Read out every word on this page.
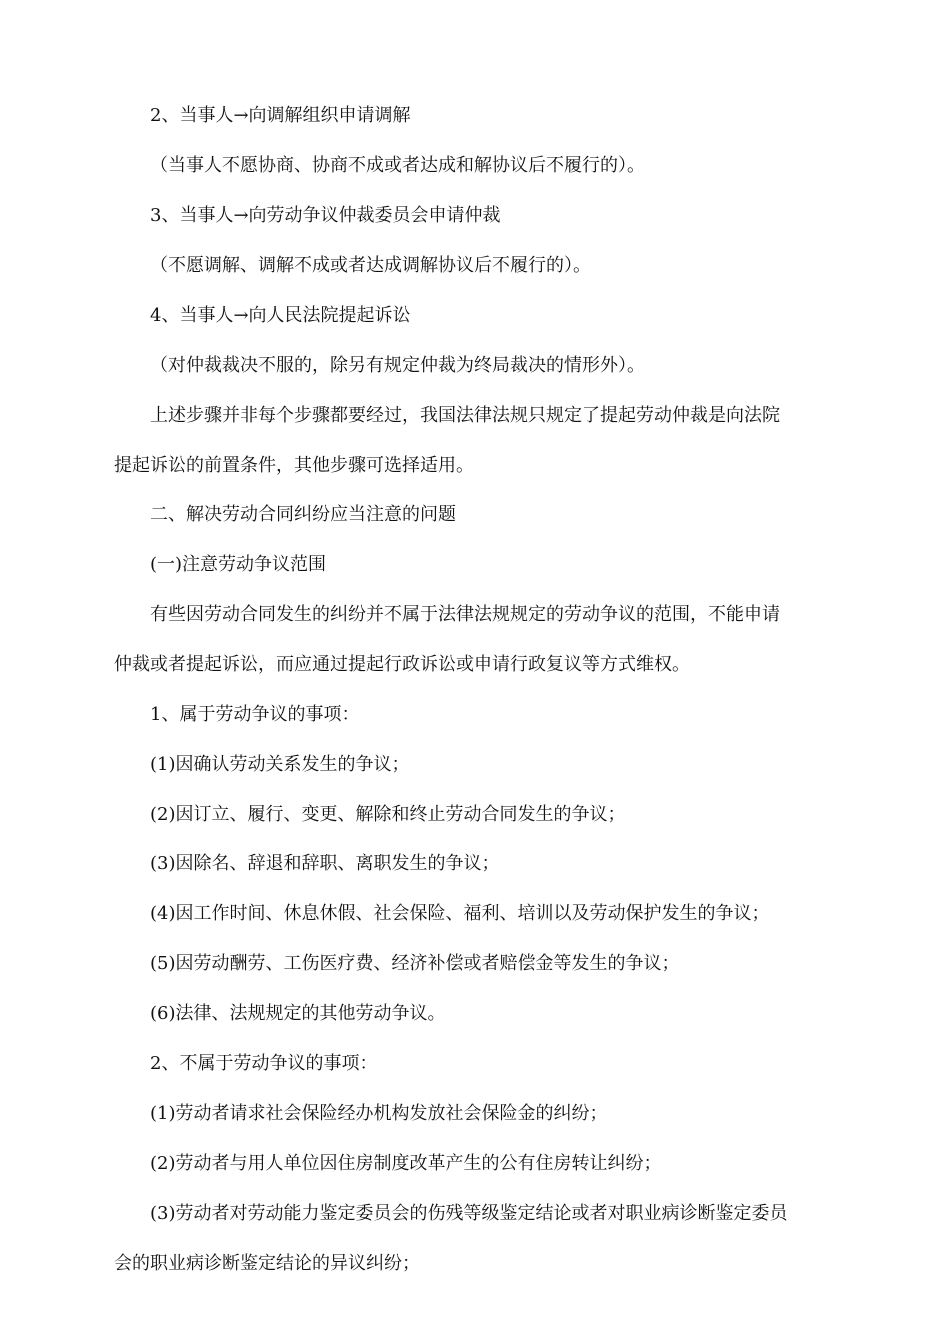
2、当事人→向调解组织申请调解
（当事人不愿协商、协商不成或者达成和解协议后不履行的）。
3、当事人→向劳动争议仲裁委员会申请仲裁
（不愿调解、调解不成或者达成调解协议后不履行的）。
4、当事人→向人民法院提起诉讼
（对仲裁裁决不服的，除另有规定仲裁为终局裁决的情形外）。
上述步骤并非每个步骤都要经过，我国法律法规只规定了提起劳动仲裁是向法院
提起诉讼的前置条件，其他步骤可选择适用。
二、解决劳动合同纠纷应当注意的问题
(一)注意劳动争议范围
有些因劳动合同发生的纠纷并不属于法律法规规定的劳动争议的范围，不能申请
仲裁或者提起诉讼，而应通过提起行政诉讼或申请行政复议等方式维权。
1、属于劳动争议的事项：
(1)因确认劳动关系发生的争议；
(2)因订立、履行、变更、解除和终止劳动合同发生的争议；
(3)因除名、辞退和辞职、离职发生的争议；
(4)因工作时间、休息休假、社会保险、福利、培训以及劳动保护发生的争议；
(5)因劳动酬劳、工伤医疗费、经济补偿或者赔偿金等发生的争议；
(6)法律、法规规定的其他劳动争议。
2、不属于劳动争议的事项：
(1)劳动者请求社会保险经办机构发放社会保险金的纠纷；
(2)劳动者与用人单位因住房制度改革产生的公有住房转让纠纷；
(3)劳动者对劳动能力鉴定委员会的伤残等级鉴定结论或者对职业病诊断鉴定委员
会的职业病诊断鉴定结论的异议纠纷；
